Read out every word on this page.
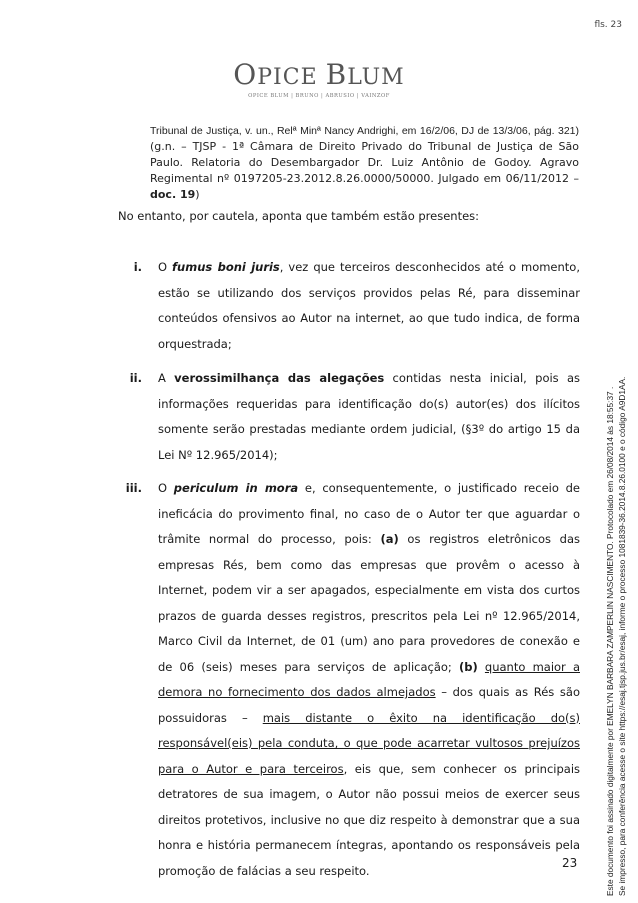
fls. 23
OPICE BLUM
OPICE BLUM | BRUNO | ABRUSIO | VAINZOF
Tribunal de Justiça, v. un., Relª Minª Nancy Andrighi, em 16/2/06, DJ de 13/3/06, pág. 321) (g.n. – TJSP - 1ª Câmara de Direito Privado do Tribunal de Justiça de São Paulo. Relatoria do Desembargador Dr. Luiz Antônio de Godoy. Agravo Regimental nº 0197205-23.2012.8.26.0000/50000. Julgado em 06/11/2012 – doc. 19)
No entanto, por cautela, aponta que também estão presentes:
i. O fumus boni juris, vez que terceiros desconhecidos até o momento, estão se utilizando dos serviços providos pelas Ré, para disseminar conteúdos ofensivos ao Autor na internet, ao que tudo indica, de forma orquestrada;
ii. A verossimilhança das alegações contidas nesta inicial, pois as informações requeridas para identificação do(s) autor(es) dos ilícitos somente serão prestadas mediante ordem judicial, (§3º do artigo 15 da Lei Nº 12.965/2014);
iii. O periculum in mora e, consequentemente, o justificado receio de ineficácia do provimento final, no caso de o Autor ter que aguardar o trâmite normal do processo, pois: (a) os registros eletrônicos das empresas Rés, bem como das empresas que provêm o acesso à Internet, podem vir a ser apagados, especialmente em vista dos curtos prazos de guarda desses registros, prescritos pela Lei nº 12.965/2014, Marco Civil da Internet, de 01 (um) ano para provedores de conexão e de 06 (seis) meses para serviços de aplicação; (b) quanto maior a demora no fornecimento dos dados almejados – dos quais as Rés são possuidoras – mais distante o êxito na identificação do(s) responsável(eis) pela conduta, o que pode acarretar vultosos prejuízos para o Autor e para terceiros, eis que, sem conhecer os principais detratores de sua imagem, o Autor não possui meios de exercer seus direitos protetivos, inclusive no que diz respeito à demonstrar que a sua honra e história permanecem íntegras, apontando os responsáveis pela promoção de falácias a seu respeito.
23	Este documento foi assinado digitalmente por EMELYN BARBARA ZAMPERLIN NASCIMENTO. Protocolado em 26/08/2014 às 18:55:37 . Se impresso, para conferência acesse o site https://esaj.tjsp.jus.br/esaj, informe o processo 1081839-36.2014.8.26.0100 e o código A9D1AA.
